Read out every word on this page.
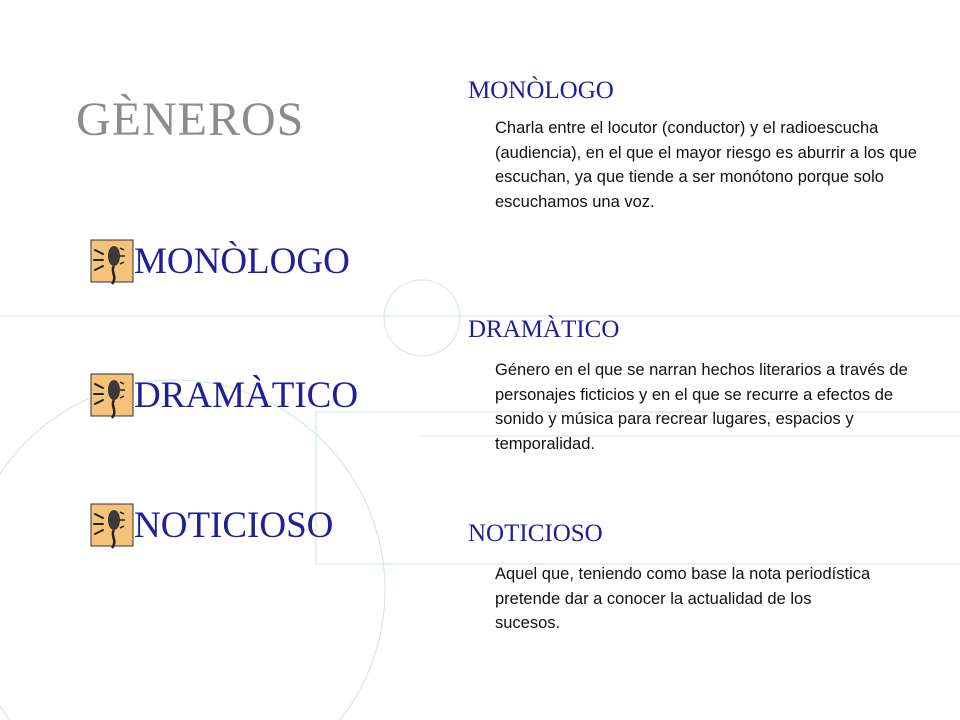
GÈNEROS
MONÒLOGO
DRAMÀTICO
NOTICIOSO
MONÒLOGO

Charla entre el locutor (conductor) y el radioescucha (audiencia), en el que el mayor riesgo es aburrir a los que escuchan, ya que tiende a ser monótono porque solo escuchamos una voz.

DRAMÀTICO

Género en el que se narran hechos literarios a través de personajes ficticios y en el que se recurre a efectos de sonido y música para recrear lugares, espacios y temporalidad.

NOTICIOSO

Aquel que, teniendo como base la nota periodística pretende dar a conocer la actualidad de los sucesos.
